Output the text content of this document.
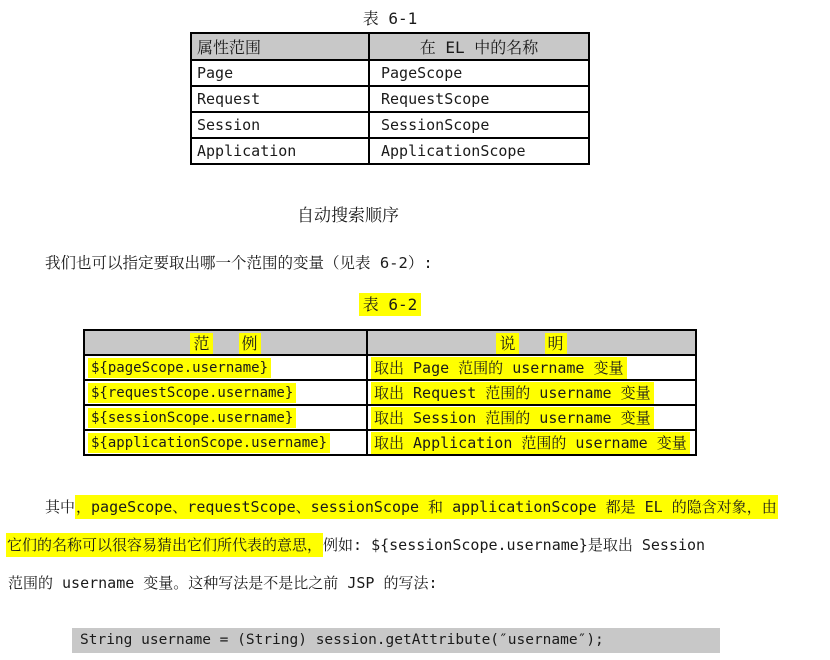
表 6-1
属性范围	在 EL 中的名称
Page	PageScope
Request	RequestScope
Session	SessionScope
Application	ApplicationScope
自动搜索顺序
我们也可以指定要取出哪一个范围的变量（见表 6-2）:
表 6-2
范 例	说 明
${pageScope.username}	取出 Page 范围的 username 变量
${requestScope.username}	取出 Request 范围的 username 变量
${sessionScope.username}	取出 Session 范围的 username 变量
${applicationScope.username}	取出 Application 范围的 username 变量
其中，pageScope、requestScope、sessionScope 和 applicationScope 都是 EL 的隐含对象，由
它们的名称可以很容易猜出它们所代表的意思，例如: ${sessionScope.username}是取出 Session
范围的 username 变量。这种写法是不是比之前 JSP 的写法:
String username = (String) session.getAttribute(″username″);
